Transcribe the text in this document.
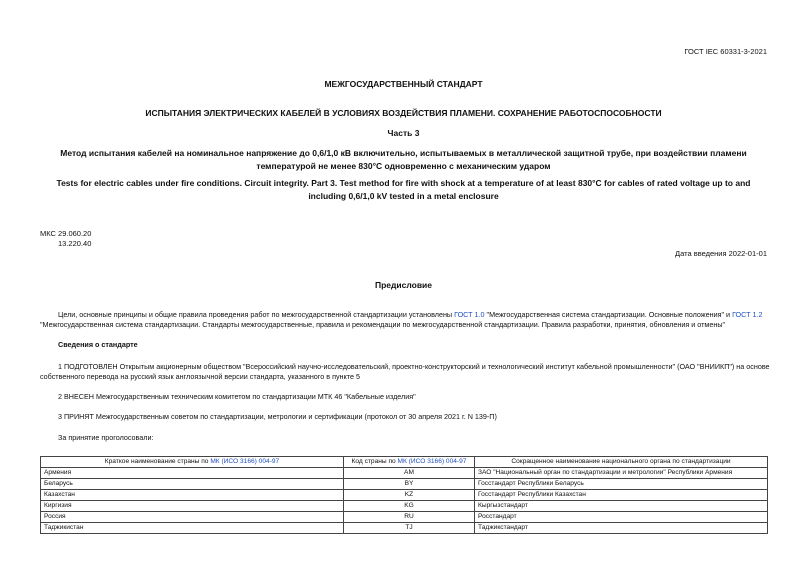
ГОСТ IEC 60331-3-2021
МЕЖГОСУДАРСТВЕННЫЙ СТАНДАРТ
ИСПЫТАНИЯ ЭЛЕКТРИЧЕСКИХ КАБЕЛЕЙ В УСЛОВИЯХ ВОЗДЕЙСТВИЯ ПЛАМЕНИ. СОХРАНЕНИЕ РАБОТОСПОСОБНОСТИ
Часть 3
Метод испытания кабелей на номинальное напряжение до 0,6/1,0 кВ включительно, испытываемых в металлической защитной трубе, при воздействии пламени температурой не менее 830°С одновременно с механическим ударом
Tests for electric cables under fire conditions. Circuit integrity. Part 3. Test method for fire with shock at a temperature of at least 830°C for cables of rated voltage up to and including 0,6/1,0 kV tested in a metal enclosure
МКС 29.060.20
13.220.40
Дата введения 2022-01-01
Предисловие
Цели, основные принципы и общие правила проведения работ по межгосударственной стандартизации установлены ГОСТ 1.0 "Межгосударственная система стандартизации. Основные положения" и ГОСТ 1.2
"Межгосударственная система стандартизации. Стандарты межгосударственные, правила и рекомендации по межгосударственной стандартизации. Правила разработки, принятия, обновления и отмены"
Сведения о стандарте
1 ПОДГОТОВЛЕН Открытым акционерным обществом "Всероссийский научно-исследовательский, проектно-конструкторский и технологический институт кабельной промышленности" (ОАО "ВНИИКП") на основе
собственного перевода на русский язык англоязычной версии стандарта, указанного в пункте 5
2 ВНЕСЕН Межгосударственным техническим комитетом по стандартизации МТК 46 "Кабельные изделия"
3 ПРИНЯТ Межгосударственным советом по стандартизации, метрологии и сертификации (протокол от 30 апреля 2021 г. N 139-П)
За принятие проголосовали:
Краткое наименование страны по МК (ИСО 3166) 004-97	Код страны по МК (ИСО 3166) 004-97	Сокращенное наименование национального органа по стандартизации
Армения	AM	ЗАО "Национальный орган по стандартизации и метрологии" Республики Армения
Беларусь	BY	Госстандарт Республики Беларусь
Казахстан	KZ	Госстандарт Республики Казахстан
Киргизия	KG	Кыргызстандарт
Россия	RU	Росстандарт
Таджикистан	TJ	Таджикстандарт
